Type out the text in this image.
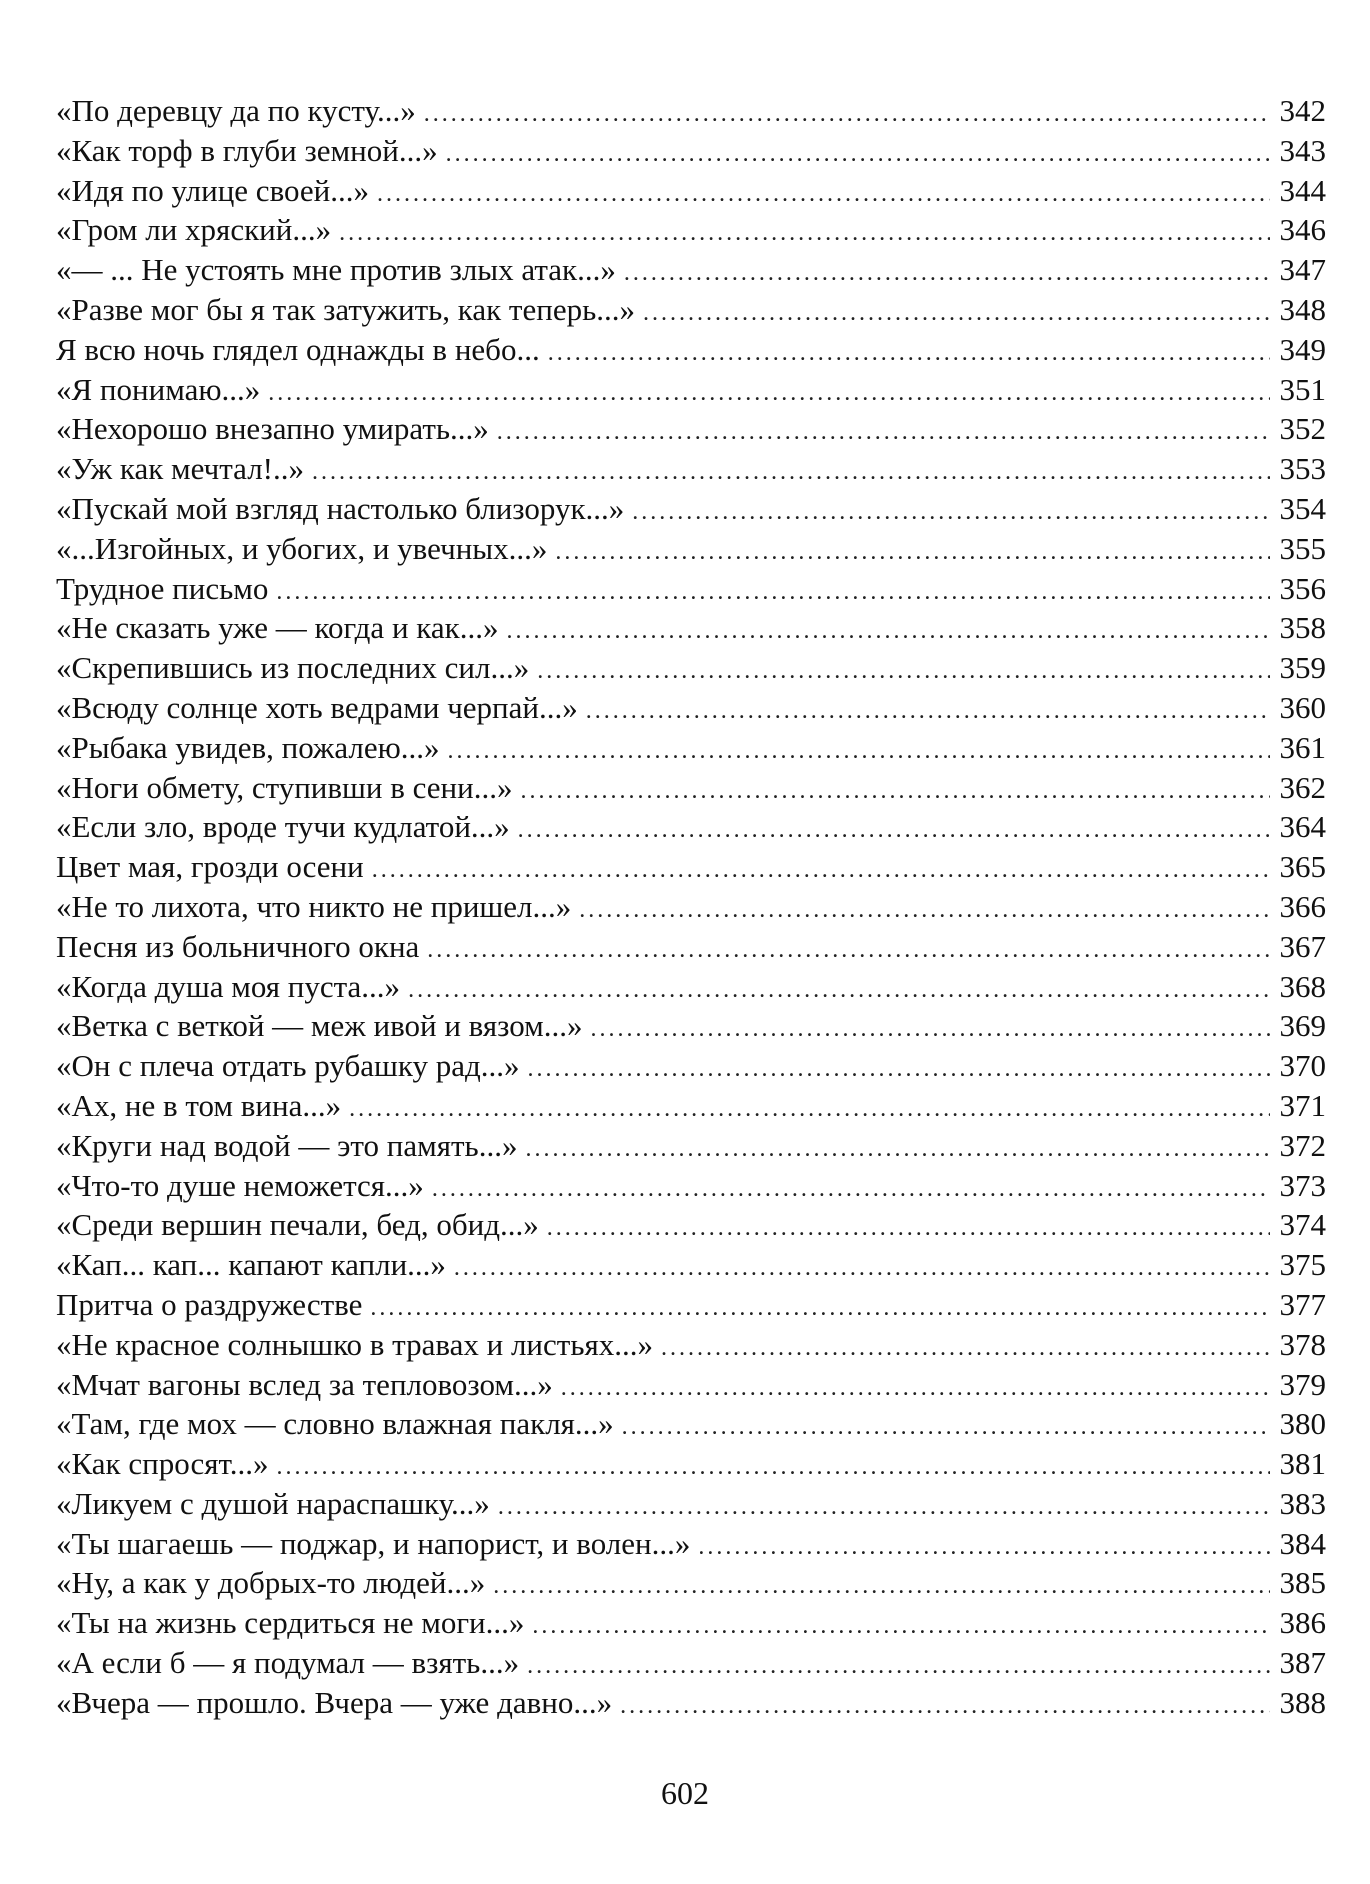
«По деревцу да по кусту...» .....	342
«Как торф в глуби земной...» .....	343
«Идя по улице своей...» .....	344
«Гром ли хряский...» .....	346
«— ... Не устоять мне против злых атак...» .....	347
«Разве мог бы я так затужить, как теперь...» .....	348
Я всю ночь глядел однажды в небо... .....	349
«Я понимаю...» .....	351
«Нехорошо внезапно умирать...» .....	352
«Уж как мечтал!..» .....	353
«Пускай мой взгляд настолько близорук...» .....	354
«...Изгойных, и убогих, и увечных...» .....	355
Трудное письмо .....	356
«Не сказать уже — когда и как...» .....	358
«Скрепившись из последних сил...» .....	359
«Всюду солнце хоть ведрами черпай...» .....	360
«Рыбака увидев, пожалею...» .....	361
«Ноги обмету, ступивши в сени...» .....	362
«Если зло, вроде тучи кудлатой...» .....	364
Цвет мая, грозди осени .....	365
«Не то лихота, что никто не пришел...» .....	366
Песня из больничного окна .....	367
«Когда душа моя пуста...» .....	368
«Ветка с веткой — меж ивой и вязом...» .....	369
«Он с плеча отдать рубашку рад...» .....	370
«Ах, не в том вина...» .....	371
«Круги над водой — это память...» .....	372
«Что-то душе неможется...» .....	373
«Среди вершин печали, бед, обид...» .....	374
«Кап... кап... капают капли...» .....	375
Притча о раздружестве .....	377
«Не красное солнышко в травах и листьях...» .....	378
«Мчат вагоны вслед за тепловозом...» .....	379
«Там, где мох — словно влажная пакля...» .....	380
«Как спросят...» .....	381
«Ликуем с душой нараспашку...» .....	383
«Ты шагаешь — поджар, и напорист, и волен...» .....	384
«Ну, а как у добрых-то людей...» .....	385
«Ты на жизнь сердиться не моги...» .....	386
«А если б — я подумал — взять...» .....	387
«Вчера — прошло. Вчера — уже давно...» .....	388
602
